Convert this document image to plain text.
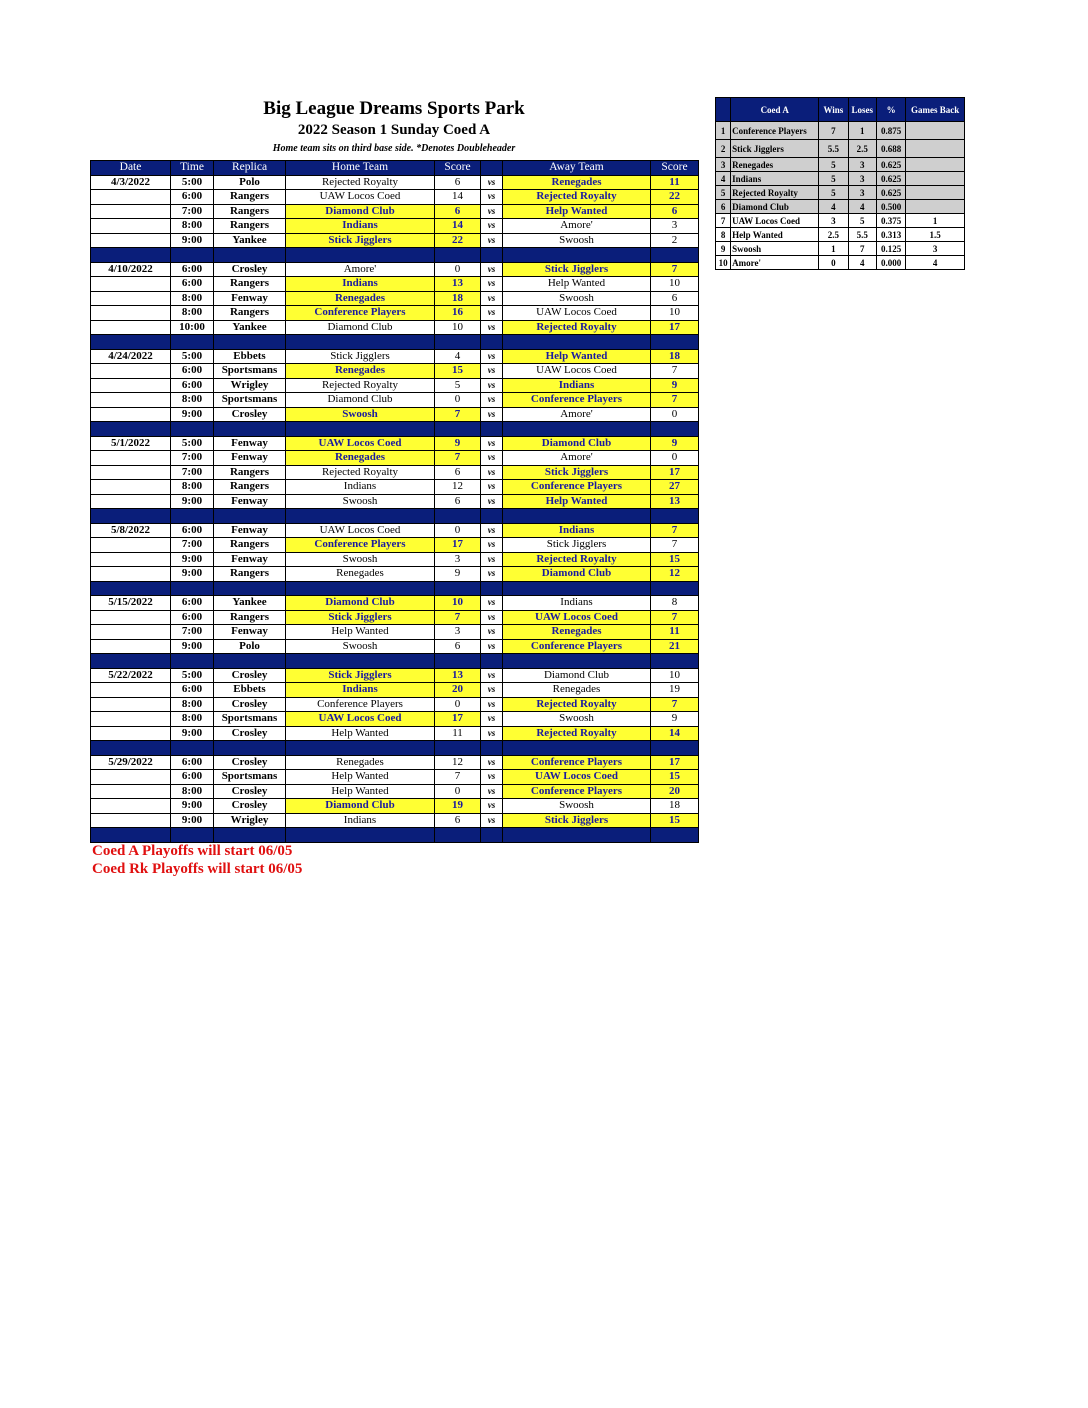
Big League Dreams Sports Park
2022 Season 1 Sunday Coed A
Home team sits on third base side. *Denotes Doubleheader
Date	Time	Replica	Home Team	Score		Away Team	Score
4/3/2022	5:00	Polo	Rejected Royalty	6	vs	Renegades	11
	6:00	Rangers	UAW Locos Coed	14	vs	Rejected Royalty	22
	7:00	Rangers	Diamond Club	6	vs	Help Wanted	6
	8:00	Rangers	Indians	14	vs	Amore'	3
	9:00	Yankee	Stick Jigglers	22	vs	Swoosh	2

4/10/2022	6:00	Crosley	Amore'	0	vs	Stick Jigglers	7
	6:00	Rangers	Indians	13	vs	Help Wanted	10
	8:00	Fenway	Renegades	18	vs	Swoosh	6
	8:00	Rangers	Conference Players	16	vs	UAW Locos Coed	10
	10:00	Yankee	Diamond Club	10	vs	Rejected Royalty	17

4/24/2022	5:00	Ebbets	Stick Jigglers	4	vs	Help Wanted	18
	6:00	Sportsmans	Renegades	15	vs	UAW Locos Coed	7
	6:00	Wrigley	Rejected Royalty	5	vs	Indians	9
	8:00	Sportsmans	Diamond Club	0	vs	Conference Players	7
	9:00	Crosley	Swoosh	7	vs	Amore'	0

5/1/2022	5:00	Fenway	UAW Locos Coed	9	vs	Diamond Club	9
	7:00	Fenway	Renegades	7	vs	Amore'	0
	7:00	Rangers	Rejected Royalty	6	vs	Stick Jigglers	17
	8:00	Rangers	Indians	12	vs	Conference Players	27
	9:00	Fenway	Swoosh	6	vs	Help Wanted	13

5/8/2022	6:00	Fenway	UAW Locos Coed	0	vs	Indians	7
	7:00	Rangers	Conference Players	17	vs	Stick Jigglers	7
	9:00	Fenway	Swoosh	3	vs	Rejected Royalty	15
	9:00	Rangers	Renegades	9	vs	Diamond Club	12

5/15/2022	6:00	Yankee	Diamond Club	10	vs	Indians	8
	6:00	Rangers	Stick Jigglers	7	vs	UAW Locos Coed	7
	7:00	Fenway	Help Wanted	3	vs	Renegades	11
	9:00	Polo	Swoosh	6	vs	Conference Players	21

5/22/2022	5:00	Crosley	Stick Jigglers	13	vs	Diamond Club	10
	6:00	Ebbets	Indians	20	vs	Renegades	19
	8:00	Crosley	Conference Players	0	vs	Rejected Royalty	7
	8:00	Sportsmans	UAW Locos Coed	17	vs	Swoosh	9
	9:00	Crosley	Help Wanted	11	vs	Rejected Royalty	14

5/29/2022	6:00	Crosley	Renegades	12	vs	Conference Players	17
	6:00	Sportsmans	Help Wanted	7	vs	UAW Locos Coed	15
	8:00	Crosley	Help Wanted	0	vs	Conference Players	20
	9:00	Crosley	Diamond Club	19	vs	Swoosh	18
	9:00	Wrigley	Indians	6	vs	Stick Jigglers	15

	Coed A	Wins	Loses	%	Games Back
1	Conference Players	7	1	0.875	
2	Stick Jigglers	5.5	2.5	0.688	
3	Renegades	5	3	0.625	
4	Indians	5	3	0.625	
5	Rejected Royalty	5	3	0.625	
6	Diamond Club	4	4	0.500	
7	UAW Locos Coed	3	5	0.375	1
8	Help Wanted	2.5	5.5	0.313	1.5
9	Swoosh	1	7	0.125	3
10	Amore'	0	4	0.000	4
Coed A Playoffs will start 06/05
Coed Rk Playoffs will start 06/05
